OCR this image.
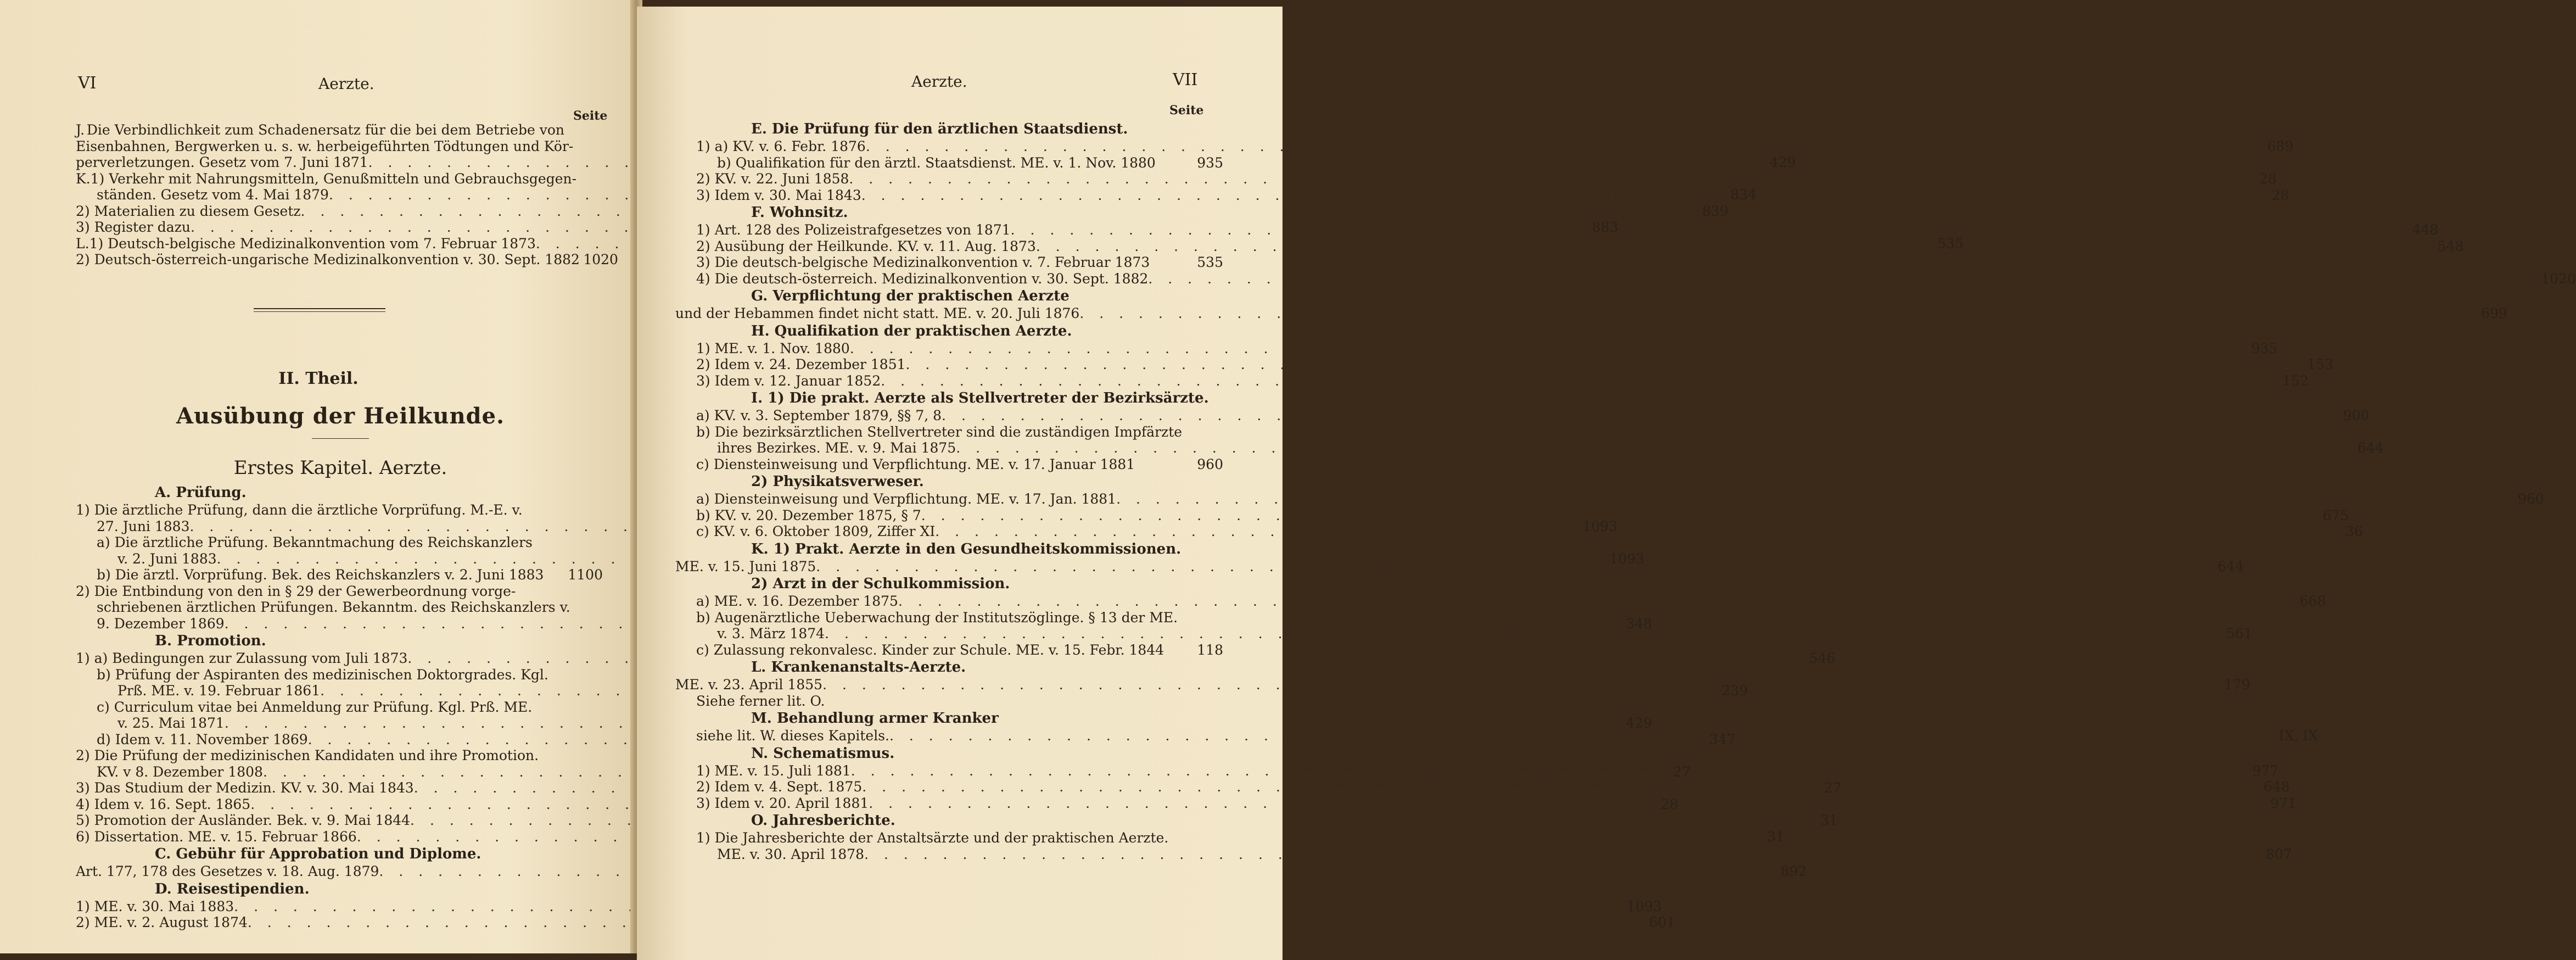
VI	Aerzte.
Seite
J. Die Verbindlichkeit zum Schadenersatz für die bei dem Betriebe von
Eisenbahnen, Bergwerken u. s. w. herbeigeführten Tödtungen und Kör-
perverletzungen. Gesetz vom 7. Juni 1871 . . .	429
K. 1) Verkehr mit Nahrungsmitteln, Genußmitteln und Gebrauchsgegen-
ständen. Gesetz vom 4. Mai 1879 . . .	834
2) Materialien zu diesem Gesetz . . .	839
3) Register dazu . . .	883
L. 1) Deutsch-belgische Medizinalkonvention vom 7. Februar 1873 . . .	535
2) Deutsch-österreich-ungarische Medizinalkonvention v. 30. Sept. 1882 1020
II. Theil.
Ausübung der Heilkunde.
Erstes Kapitel. Aerzte.
A. Prüfung.
1) Die ärztliche Prüfung, dann die ärztliche Vorprüfung. M.-E. v.
27. Juni 1883 . . .	1093
a) Die ärztliche Prüfung. Bekanntmachung des Reichskanzlers
v. 2. Juni 1883 . . .	1093
b) Die ärztl. Vorprüfung. Bek. des Reichskanzlers v. 2. Juni 1883 1100
2) Die Entbindung von den in § 29 der Gewerbeordnung vorge-
schriebenen ärztlichen Prüfungen. Bekanntm. des Reichskanzlers v.
9. Dezember 1869 . . .	348
B. Promotion.
1) a) Bedingungen zur Zulassung vom Juli 1873 . . .	546
b) Prüfung der Aspiranten des medizinischen Doktorgrades. Kgl.
Prß. ME. v. 19. Februar 1861 . . .	239
c) Curriculum vitae bei Anmeldung zur Prüfung. Kgl. Prß. ME.
v. 25. Mai 1871 . . .	429
d) Idem v. 11. November 1869 . . .	347
2) Die Prüfung der medizinischen Kandidaten und ihre Promotion.
KV. v 8. Dezember 1808 . . .	27
3) Das Studium der Medizin. KV. v. 30. Mai 1843 . . .	27
4) Idem v. 16. Sept. 1865 . . .	28
5) Promotion der Ausländer. Bek. v. 9. Mai 1844 . . .	31
6) Dissertation. ME. v. 15. Februar 1866 . . .	31
C. Gebühr für Approbation und Diplome.
Art. 177, 178 des Gesetzes v. 18. Aug. 1879 . . .	892
D. Reisestipendien.
1) ME. v. 30. Mai 1883 . . .	1093
2) ME. v. 2. August 1874 . . .	601
Aerzte.	VII
Seite
E. Die Prüfung für den ärztlichen Staatsdienst.
1) a) KV. v. 6. Febr. 1876 . . .	689
b) Qualifikation für den ärztl. Staatsdienst. ME. v. 1. Nov. 1880	935
2) KV. v. 22. Juni 1858 . . .	28
3) Idem v. 30. Mai 1843 . . .	28
F. Wohnsitz.
1) Art. 128 des Polizeistrafgesetzes von 1871 . . .	448
2) Ausübung der Heilkunde. KV. v. 11. Aug. 1873 . . .	548
3) Die deutsch-belgische Medizinalkonvention v. 7. Februar 1873	535
4) Die deutsch-österreich. Medizinalkonvention v. 30. Sept. 1882 . . .	1020
G. Verpflichtung der praktischen Aerzte
und der Hebammen findet nicht statt. ME. v. 20. Juli 1876 . . .	699
H. Qualifikation der praktischen Aerzte.
1) ME. v. 1. Nov. 1880 . . .	935
2) Idem v. 24. Dezember 1851 . . .	153
3) Idem v. 12. Januar 1852 . . .	152
I. 1) Die prakt. Aerzte als Stellvertreter der Bezirksärzte.
a) KV. v. 3. September 1879, §§ 7, 8 . . .	900
b) Die bezirksärztlichen Stellvertreter sind die zuständigen Impfärzte
ihres Bezirkes. ME. v. 9. Mai 1875 . . .	644
c) Diensteinweisung und Verpflichtung. ME. v. 17. Januar 1881	960
2) Physikatsverweser.
a) Diensteinweisung und Verpflichtung. ME. v. 17. Jan. 1881 . . .	960
b) KV. v. 20. Dezember 1875, § 7 . . .	675
c) KV. v. 6. Oktober 1809, Ziffer XI . . .	36
K. 1) Prakt. Aerzte in den Gesundheitskommissionen.
ME. v. 15. Juni 1875 . . .	644
2) Arzt in der Schulkommission.
a) ME. v. 16. Dezember 1875 . . .	668
b) Augenärztliche Ueberwachung der Institutszöglinge. § 13 der ME.
v. 3. März 1874 . . .	561
c) Zulassung rekonvalesc. Kinder zur Schule. ME. v. 15. Febr. 1844	118
L. Krankenanstalts-Aerzte.
ME. v. 23. April 1855 . . .	179
Siehe ferner lit. O.
M. Behandlung armer Kranker
siehe lit. W. dieses Kapitels. . . .	IX, IX
N. Schematismus.
1) ME. v. 15. Juli 1881 . . .	977
2) Idem v. 4. Sept. 1875 . . .	648
3) Idem v. 20. April 1881 . . .	971
O. Jahresberichte.
1) Die Jahresberichte der Anstaltsärzte und der praktischen Aerzte.
ME. v. 30. April 1878 . . .	807
